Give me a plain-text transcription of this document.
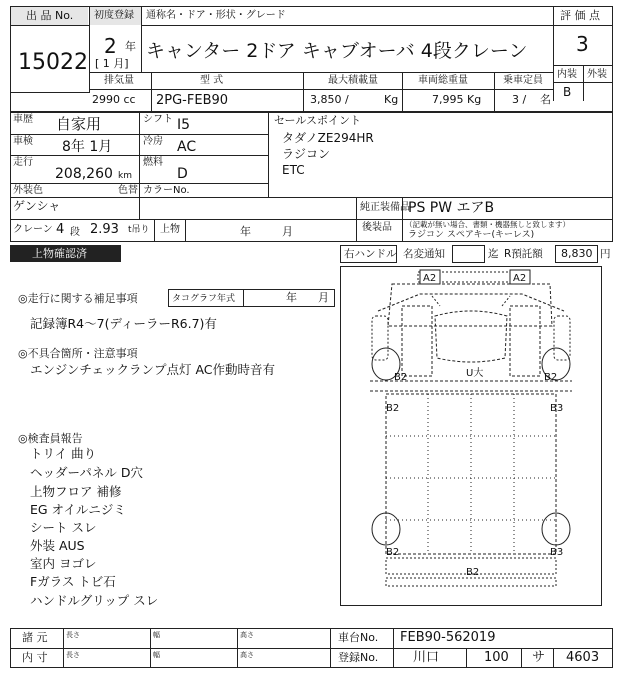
出 品 No.
15022
初度登録
2 年
[ 1 月]
通称名・ドア・形状・グレード
キャンター 2ドア キャブオーバ 4段クレーン
評 価 点
3
内装 外装
B
排気量
2990 cc
型 式
2PG-FEB90
最大積載量
3,850 /	Kg
車両総重量
7,995 Kg
乗車定員
3 / 名
車歴 自家用	シフト I5
車検 8年 1月	冷房 AC
走行
208,260 km
燃料
D
外装色
ゲンシャ
色替 カラーNo.
クレーン 4 段 2.93 t吊り 上物	年	月
セールスポイント
タダノZE294HR
ラジコン
ETC
純正装備品
PS PW エアB
後装品 （記載が無い場合、書類・機器無しと致します）
ラジコン スペアキー(キーレス)
上物確認済	右ハンドル 名変通知	迄 R預託額 8,830 円
◎走行に関する補足事項	タコグラフ年式	年 月
記録簿R4～7(ディーラーR6.7)有
◎不具合箇所・注意事項
エンジンチェックランプ点灯 AC作動時音有
◎検査員報告
トリイ 曲り
ヘッダーパネル D穴
上物フロア 補修
EG オイルニジミ
シート スレ
外装 AUS
室内 ヨゴレ
Fガラス トビ石
ハンドルグリップ スレ
A2	A2
B2	U大	B2
B2	B3
B2	B3
B2
諸 元
内 寸
長さ	幅	高さ
長さ	幅	高さ
車台No. FEB90-562019
登録No.	川口	100 サ 4603
